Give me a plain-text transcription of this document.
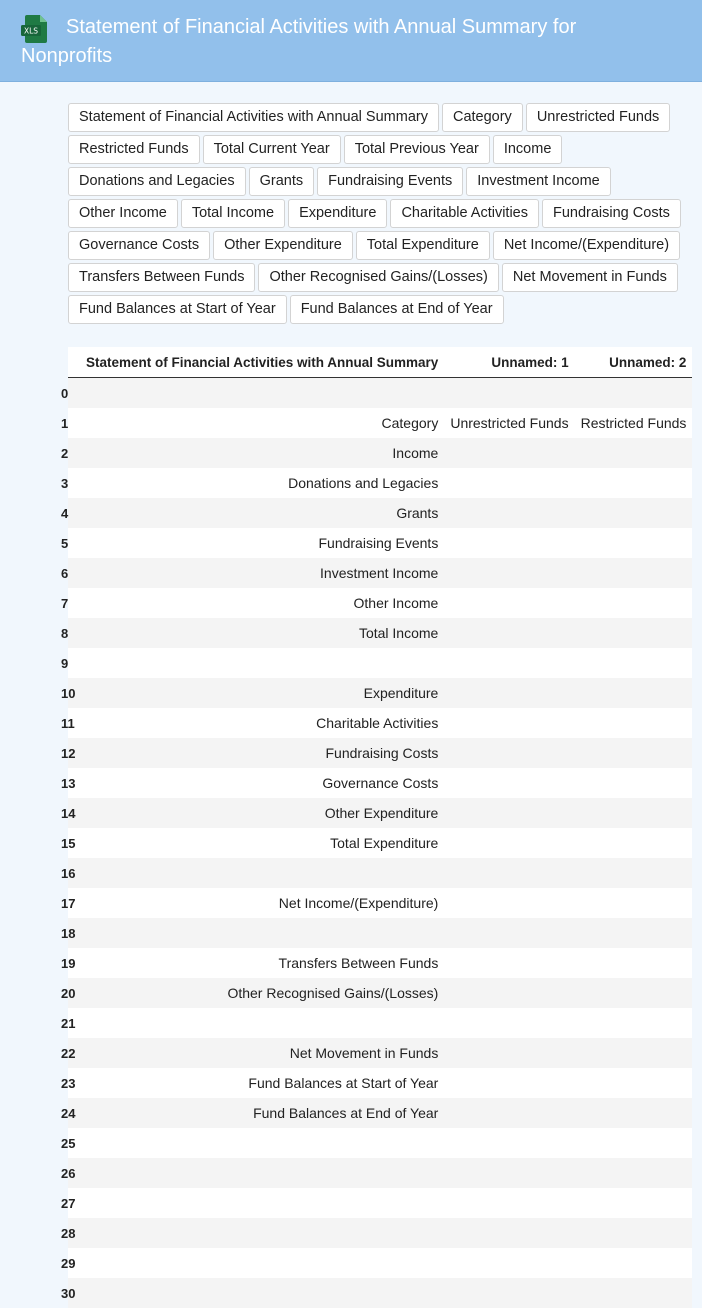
XLS	Statement of Financial Activities with Annual Summary for Nonprofits
Statement of Financial Activities with Annual Summary	Category	Unrestricted Funds
Restricted Funds	Total Current Year	Total Previous Year	Income
Donations and Legacies	Grants	Fundraising Events	Investment Income
Other Income	Total Income	Expenditure	Charitable Activities	Fundraising Costs
Governance Costs	Other Expenditure	Total Expenditure	Net Income/(Expenditure)
Transfers Between Funds	Other Recognised Gains/(Losses)	Net Movement in Funds
Fund Balances at Start of Year	Fund Balances at End of Year
	Statement of Financial Activities with Annual Summary	Unnamed: 1	Unnamed: 2

0			

1	Category	Unrestricted Funds	Restricted Funds

2	Income		

3	Donations and Legacies		

4	Grants		

5	Fundraising Events		

6	Investment Income		

7	Other Income		

8	Total Income		

9			

10	Expenditure		

11	Charitable Activities		

12	Fundraising Costs		

13	Governance Costs		

14	Other Expenditure		

15	Total Expenditure		

16			

17	Net Income/(Expenditure)		

18			

19	Transfers Between Funds		

20	Other Recognised Gains/(Losses)		

21			

22	Net Movement in Funds		

23	Fund Balances at Start of Year		

24	Fund Balances at End of Year		

25			

26			

27			

28			

29			

30			
